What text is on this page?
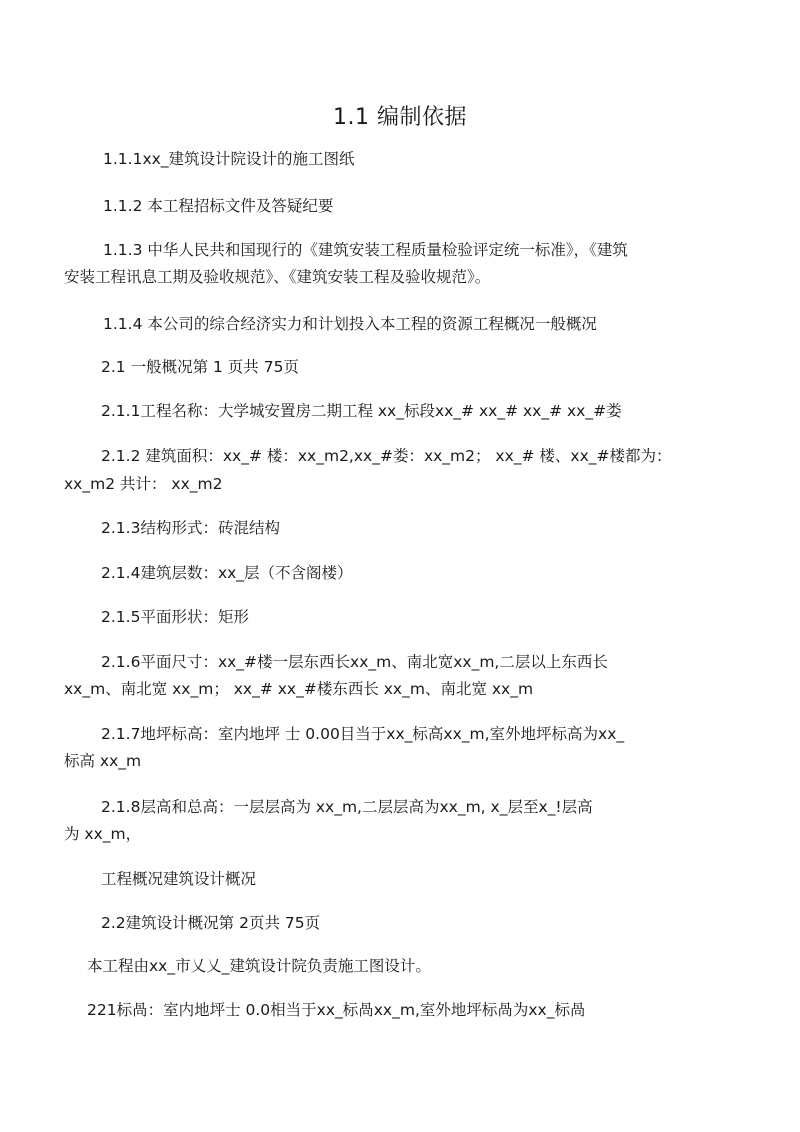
1.1 编制依据
1.1.1xx_建筑设计院设计的施工图纸
1.1.2 本工程招标文件及答疑纪要
1.1.3 中华人民共和国现行的《建筑安装工程质量检验评定统一标准》，《建筑
安装工程讯息工期及验收规范》、《建筑安装工程及验收规范》。
1.1.4 本公司的综合经济实力和计划投入本工程的资源工程概况一般概况
2.1 一般概况第 1 页共 75页
2.1.1工程名称：大学城安置房二期工程 xx_标段xx_# xx_# xx_# xx_#娄
2.1.2 建筑面积：xx_# 楼：xx_m2,xx_#娄：xx_m2； xx_# 楼、xx_#楼都为：
xx_m2 共计： xx_m2
2.1.3结构形式：砖混结构
2.1.4建筑层数：xx_层（不含阁楼）
2.1.5平面形状：矩形
2.1.6平面尺寸：xx_#楼一层东西长xx_m、南北宽xx_m,二层以上东西长
xx_m、南北宽 xx_m； xx_# xx_#楼东西长 xx_m、南北宽 xx_m
2.1.7地坪标高：室内地坪 士 0.00目当于xx_标高xx_m,室外地坪标高为xx_
标高 xx_m
2.1.8层高和总高：一层层高为 xx_m,二层层高为xx_m, x_层至x_!层高
为 xx_m，
工程概况建筑设计概况
2.2建筑设计概况第 2页共 75页
本工程由xx_市乂乂_建筑设计院负责施工图设计。
221标咼：室内地坪士 0.0相当于xx_标咼xx_m,室外地坪标咼为xx_标咼
